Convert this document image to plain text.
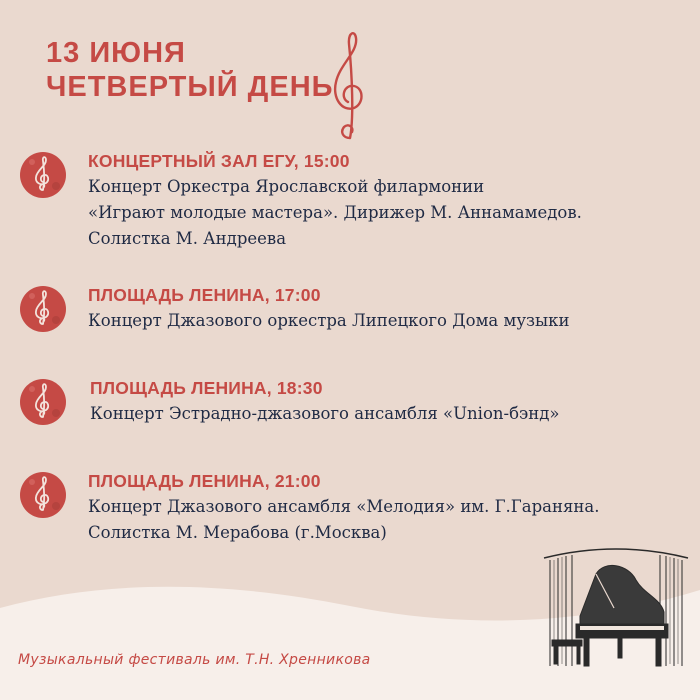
13 ИЮНЯ
ЧЕТВЕРТЫЙ ДЕНЬ
КОНЦЕРТНЫЙ ЗАЛ ЕГУ, 15:00
Концерт Оркестра Ярославской филармонии
«Играют молодые мастера». Дирижер М. Аннамамедов.
Солистка М. Андреева
ПЛОЩАДЬ ЛЕНИНА, 17:00
Концерт Джазового оркестра Липецкого Дома музыки
ПЛОЩАДЬ ЛЕНИНА, 18:30
Концерт Эстрадно-джазового ансамбля «Union-бэнд»
ПЛОЩАДЬ ЛЕНИНА, 21:00
Концерт Джазового ансамбля «Мелодия» им. Г.Гараняна.
Солистка М. Мерабова (г.Москва)
Музыкальный фестиваль им. Т.Н. Хренникова
